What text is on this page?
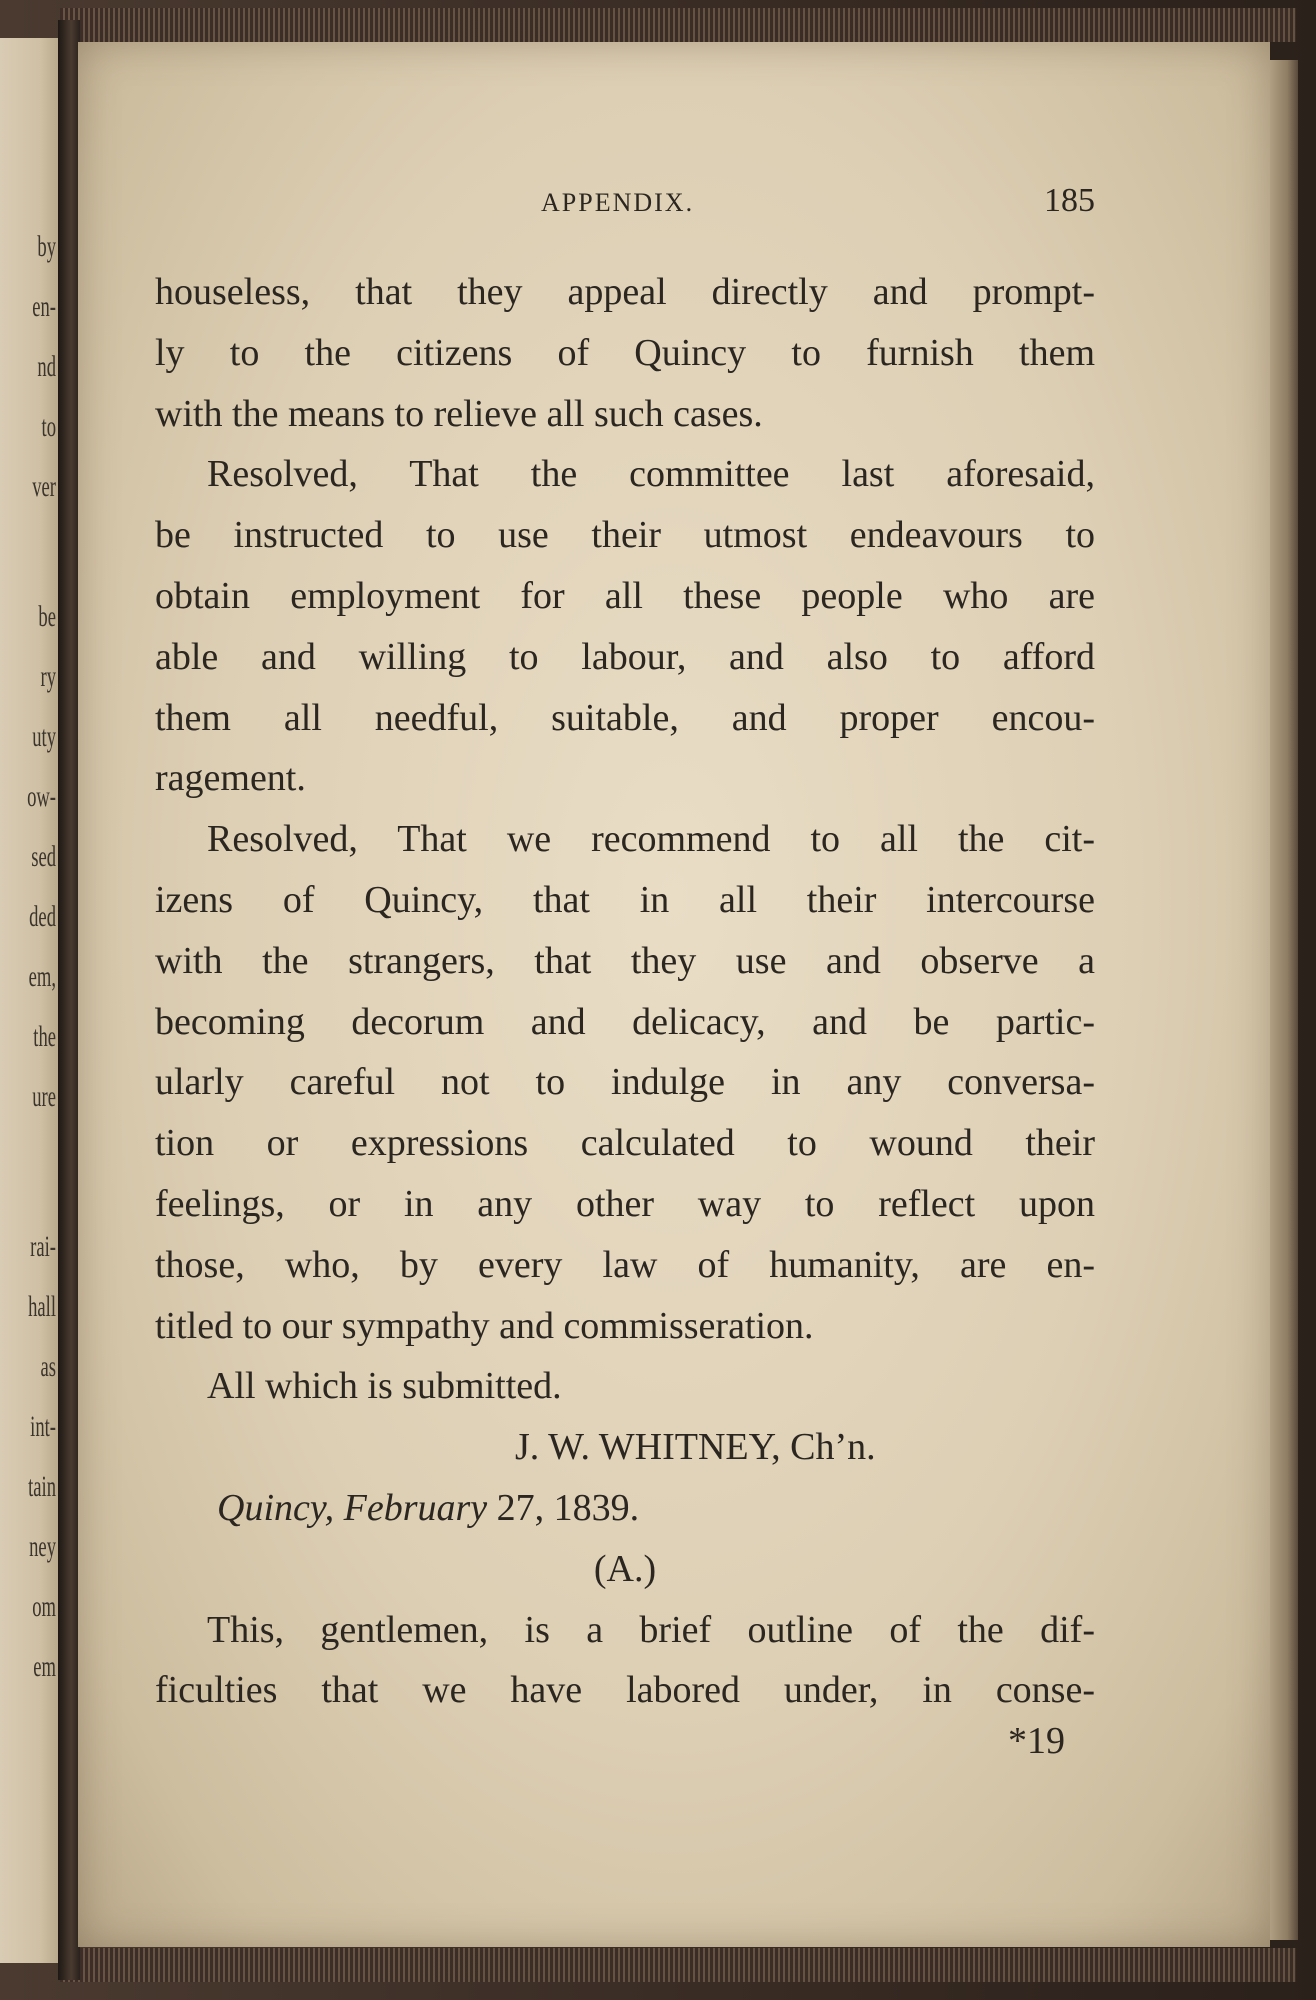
by
en-
nd
to
ver
be
ry
uty
ow-
sed
ded
em,
the
ure
rai-
hall
as
int-
tain
ney
om
em
APPENDIX.	185
houseless, that they appeal directly and prompt-
ly to the citizens of Quincy to furnish them
with the means to relieve all such cases.
Resolved, That the committee last aforesaid,
be instructed to use their utmost endeavours to
obtain employment for all these people who are
able and willing to labour, and also to afford
them all needful, suitable, and proper encou-
ragement.
Resolved, That we recommend to all the cit-
izens of Quincy, that in all their intercourse
with the strangers, that they use and observe a
becoming decorum and delicacy, and be partic-
ularly careful not to indulge in any conversa-
tion or expressions calculated to wound their
feelings, or in any other way to reflect upon
those, who, by every law of humanity, are en-
titled to our sympathy and commisseration.
All which is submitted.
J. W. WHITNEY, Ch’n.
Quincy, February 27, 1839.
(A.)
This, gentlemen, is a brief outline of the dif-
ficulties that we have labored under, in conse-
*19
